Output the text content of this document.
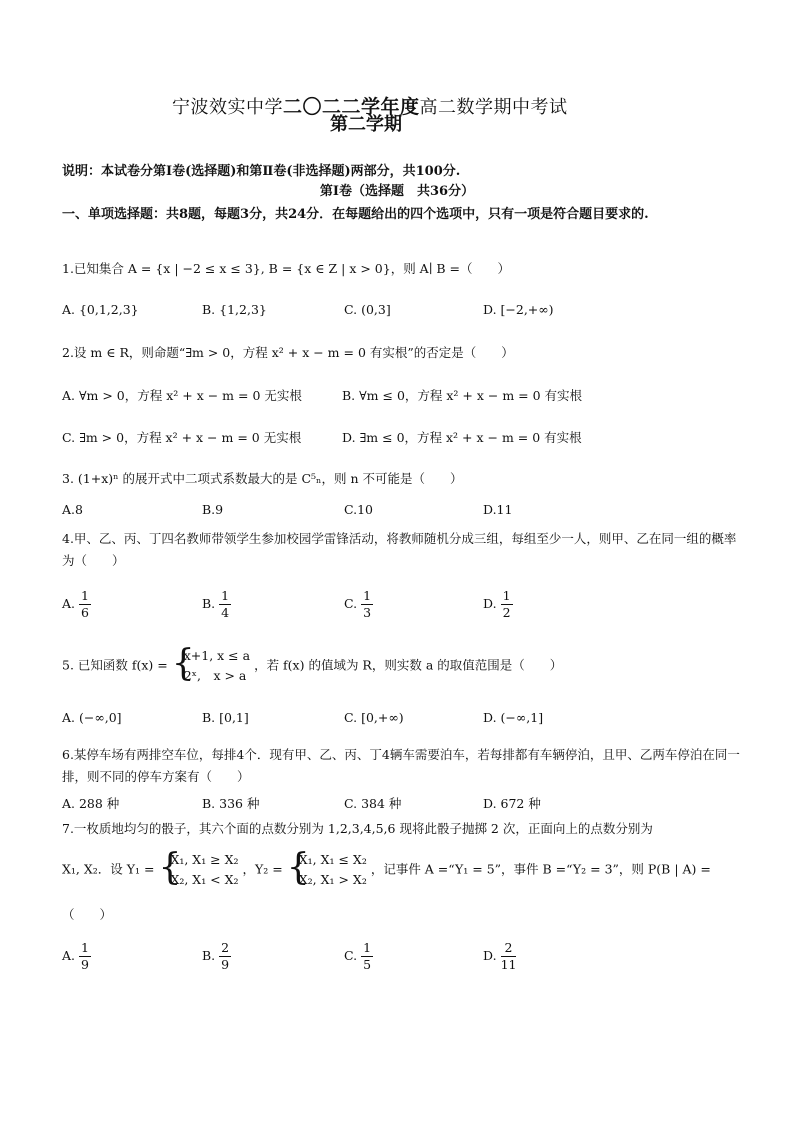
宁波效实中学二〇二二学年度高二数学期中考试
第二学期
说明：本试卷分第Ⅰ卷(选择题)和第Ⅱ卷(非选择题)两部分，共100分.
第Ⅰ卷（选择题　共36分）
一、单项选择题：共8题，每题3分，共24分．在每题给出的四个选项中，只有一项是符合题目要求的.
1.已知集合 A = {x | −2 ≤ x ≤ 3}, B = {x ∈ Z | x > 0}，则 A∣ B =（　　）
A. {0,1,2,3}	B. {1,2,3}	C. (0,3]	D. [−2,+∞)
2.设 m ∈ R，则命题“∃m > 0，方程 x² + x − m = 0 有实根”的否定是（　　）
A. ∀m > 0，方程 x² + x − m = 0 无实根	B. ∀m ≤ 0，方程 x² + x − m = 0 有实根
C. ∃m > 0，方程 x² + x − m = 0 无实根	D. ∃m ≤ 0，方程 x² + x − m = 0 有实根
3. (1+x)ⁿ 的展开式中二项式系数最大的是 C⁵ₙ，则 n 不可能是（　　）
A.8	B.9	C.10	D.11
4.甲、乙、丙、丁四名教师带领学生参加校园学雷锋活动，将教师随机分成三组，每组至少一人，则甲、乙在同一组的概率为（　　）
A. $\frac{1}{6}$	B. $\frac{1}{4}$	C. $\frac{1}{3}$	D. $\frac{1}{2}$
5. 已知函数 f(x) = {
x+1, x ≤ a
2ˣ,　x > a
，若 f(x) 的值域为 R，则实数 a 的取值范围是（　　）
A. (−∞,0]	B. [0,1]	C. [0,+∞)	D. (−∞,1]
6.某停车场有两排空车位，每排4个．现有甲、乙、丙、丁4辆车需要泊车，若每排都有车辆停泊，且甲、乙两车停泊在同一排，则不同的停车方案有（　　）
A. 288 种	B. 336 种	C. 384 种	D. 672 种
7.一枚质地均匀的骰子，其六个面的点数分别为 1,2,3,4,5,6 现将此骰子抛掷 2 次，正面向上的点数分别为
X₁, X₂．设 Y₁ = {
X₁, X₁ ≥ X₂
X₂, X₁ < X₂
，Y₂ = {
X₁, X₁ ≤ X₂
X₂, X₁ > X₂
，记事件 A =“Y₁ = 5”，事件 B =“Y₂ = 3”，则 P(B | A) =
（　　）
A. $\frac{1}{9}$	B. $\frac{2}{9}$	C. $\frac{1}{5}$	D. $\frac{2}{11}$
